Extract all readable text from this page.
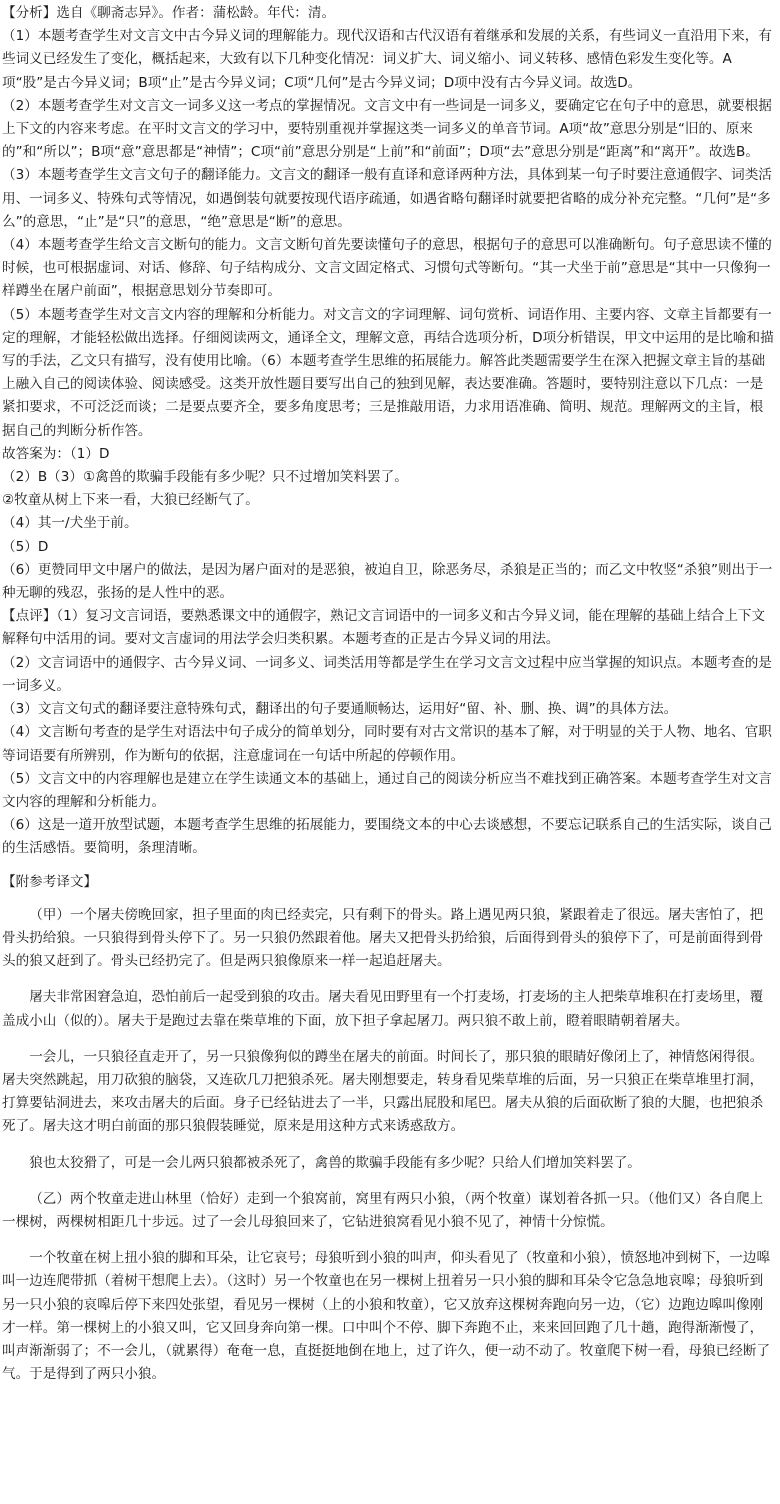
【分析】选自《聊斋志异》。作者：蒲松龄。年代：清。

（1）本题考查学生对文言文中古今异义词的理解能力。现代汉语和古代汉语有着继承和发展的关系，有些词义一直沿用下来，有些词义已经发生了变化，概括起来，大致有以下几种变化情况：词义扩大、词义缩小、词义转移、感情色彩发生变化等。A项“股”是古今异义词；B项“止”是古今异义词；C项“几何”是古今异义词；D项中没有古今异义词。故选D。

（2）本题考查学生对文言文一词多义这一考点的掌握情况。文言文中有一些词是一词多义，要确定它在句子中的意思，就要根据上下文的内容来考虑。在平时文言文的学习中，要特别重视并掌握这类一词多义的单音节词。A项“故”意思分别是“旧的、原来的”和“所以”；B项“意”意思都是“神情”；C项“前”意思分别是“上前”和“前面”；D项“去”意思分别是“距离”和“离开”。故选B。

（3）本题考查学生文言文句子的翻译能力。文言文的翻译一般有直译和意译两种方法，具体到某一句子时要注意通假字、词类活用、一词多义、特殊句式等情况，如遇倒装句就要按现代语序疏通，如遇省略句翻译时就要把省略的成分补充完整。“几何”是“多么”的意思，“止”是“只”的意思，“绝”意思是“断”的意思。

（4）本题考查学生给文言文断句的能力。文言文断句首先要读懂句子的意思，根据句子的意思可以准确断句。句子意思读不懂的时候，也可根据虚词、对话、修辞、句子结构成分、文言文固定格式、习惯句式等断句。“其一犬坐于前”意思是“其中一只像狗一样蹲坐在屠户前面”，根据意思划分节奏即可。

（5）本题考查学生对文言文内容的理解和分析能力。对文言文的字词理解、词句赏析、词语作用、主要内容、文章主旨都要有一定的理解，才能轻松做出选择。仔细阅读两文，通译全文，理解文意，再结合选项分析，D项分析错误，甲文中运用的是比喻和描写的手法，乙文只有描写，没有使用比喻。（6）本题考查学生思维的拓展能力。解答此类题需要学生在深入把握文章主旨的基础上融入自己的阅读体验、阅读感受。这类开放性题目要写出自己的独到见解，表达要准确。答题时，要特别注意以下几点：一是紧扣要求，不可泛泛而谈；二是要点要齐全，要多角度思考；三是推敲用语，力求用语准确、简明、规范。理解两文的主旨，根据自己的判断分析作答。

故答案为：（1）D

（2）B（3）①禽兽的欺骗手段能有多少呢？只不过增加笑料罢了。

②牧童从树上下来一看，大狼已经断气了。

（4）其一/犬坐于前。

（5）D

（6）更赞同甲文中屠户的做法，是因为屠户面对的是恶狼，被迫自卫，除恶务尽，杀狼是正当的；而乙文中牧竖“杀狼”则出于一种无聊的残忍，张扬的是人性中的恶。

【点评】（1）复习文言词语，要熟悉课文中的通假字，熟记文言词语中的一词多义和古今异义词，能在理解的基础上结合上下文解释句中活用的词。要对文言虚词的用法学会归类积累。本题考查的正是古今异义词的用法。

（2）文言词语中的通假字、古今异义词、一词多义、词类活用等都是学生在学习文言文过程中应当掌握的知识点。本题考查的是一词多义。

（3）文言文句式的翻译要注意特殊句式，翻译出的句子要通顺畅达，运用好“留、补、删、换、调”的具体方法。

（4）文言断句考查的是学生对语法中句子成分的简单划分，同时要有对古文常识的基本了解，对于明显的关于人物、地名、官职等词语要有所辨别，作为断句的依据，注意虚词在一句话中所起的停顿作用。

（5）文言文中的内容理解也是建立在学生读通文本的基础上，通过自己的阅读分析应当不难找到正确答案。本题考查学生对文言文内容的理解和分析能力。

（6）这是一道开放型试题，本题考查学生思维的拓展能力，要围绕文本的中心去谈感想，不要忘记联系自己的生活实际，谈自己的生活感悟。要简明，条理清晰。

【附参考译文】

（甲）一个屠夫傍晚回家，担子里面的肉已经卖完，只有剩下的骨头。路上遇见两只狼，紧跟着走了很远。屠夫害怕了，把骨头扔给狼。一只狼得到骨头停下了。另一只狼仍然跟着他。屠夫又把骨头扔给狼，后面得到骨头的狼停下了，可是前面得到骨头的狼又赶到了。骨头已经扔完了。但是两只狼像原来一样一起追赶屠夫。

屠夫非常困窘急迫，恐怕前后一起受到狼的攻击。屠夫看见田野里有一个打麦场，打麦场的主人把柴草堆积在打麦场里，覆盖成小山（似的）。屠夫于是跑过去靠在柴草堆的下面，放下担子拿起屠刀。两只狼不敢上前，瞪着眼睛朝着屠夫。

一会儿，一只狼径直走开了，另一只狼像狗似的蹲坐在屠夫的前面。时间长了，那只狼的眼睛好像闭上了，神情悠闲得很。屠夫突然跳起，用刀砍狼的脑袋，又连砍几刀把狼杀死。屠夫刚想要走，转身看见柴草堆的后面，另一只狼正在柴草堆里打洞，打算要钻洞进去，来攻击屠夫的后面。身子已经钻进去了一半，只露出屁股和尾巴。屠夫从狼的后面砍断了狼的大腿，也把狼杀死了。屠夫这才明白前面的那只狼假装睡觉，原来是用这种方式来诱惑敌方。

狼也太狡猾了，可是一会儿两只狼都被杀死了，禽兽的欺骗手段能有多少呢？只给人们增加笑料罢了。

（乙）两个牧童走进山林里（恰好）走到一个狼窝前，窝里有两只小狼，（两个牧童）谋划着各抓一只。（他们又）各自爬上一棵树，两棵树相距几十步远。过了一会儿母狼回来了，它钻进狼窝看见小狼不见了，神情十分惊慌。

一个牧童在树上扭小狼的脚和耳朵，让它哀号；母狼听到小狼的叫声，仰头看见了（牧童和小狼），愤怒地冲到树下，一边嗥叫一边连爬带抓（着树干想爬上去）。（这时）另一个牧童也在另一棵树上扭着另一只小狼的脚和耳朵令它急急地哀嗥；母狼听到另一只小狼的哀嗥后停下来四处张望，看见另一棵树（上的小狼和牧童），它又放弃这棵树奔跑向另一边，（它）边跑边嗥叫像刚才一样。第一棵树上的小狼又叫，它又回身奔向第一棵。口中叫个不停、脚下奔跑不止，来来回回跑了几十趟，跑得渐渐慢了，叫声渐渐弱了；不一会儿，（就累得）奄奄一息，直挺挺地倒在地上，过了许久，便一动不动了。牧童爬下树一看，母狼已经断了气。于是得到了两只小狼。
